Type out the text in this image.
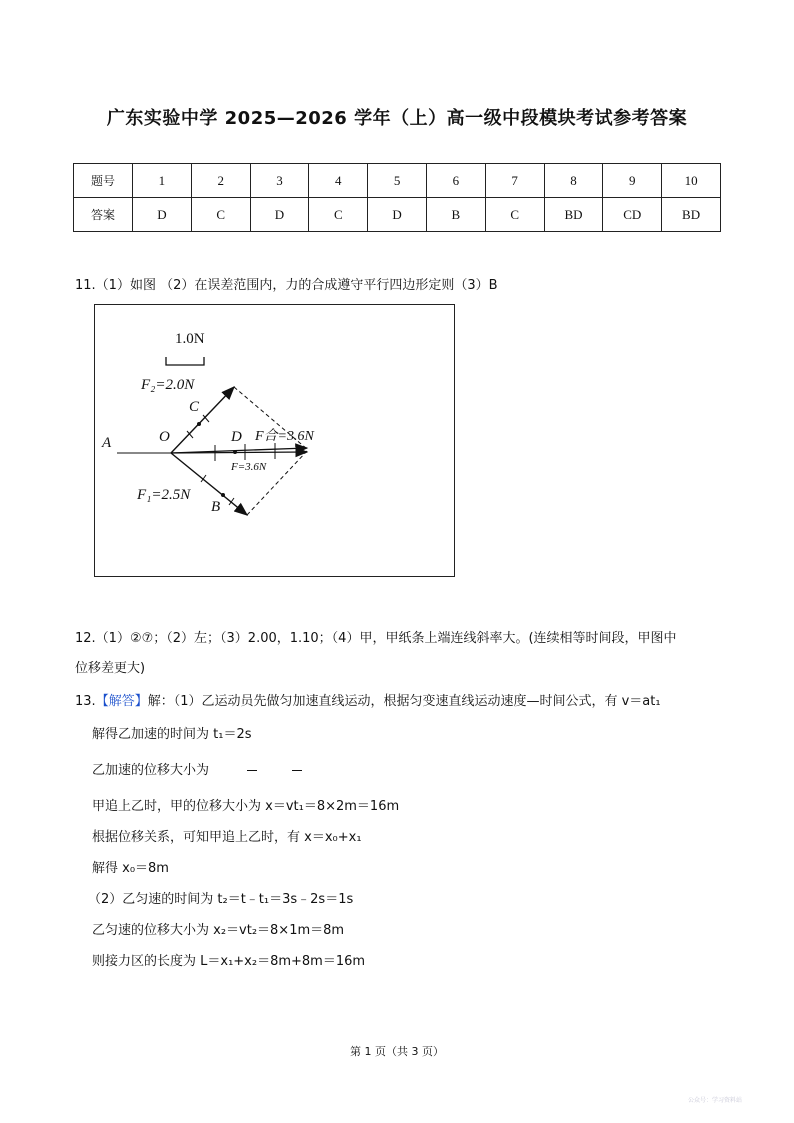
广东实验中学 2025—2026 学年（上）高一级中段模块考试参考答案
题号	1	2	3	4	5	6	7	8	9	10
答案	D	C	D	C	D	B	C	BD	CD	BD
11.（1）如图 （2）在误差范围内，力的合成遵守平行四边形定则（3）B
1.0N
F₂=2.0N
C
A	O	D F合=3.6N
F=3.6N
F₁=2.5N
B
12.（1）②⑦；（2）左；（3）2.00，1.10；（4）甲，甲纸条上端连线斜率大。(连续相等时间段，甲图中
位移差更大)
13.【解答】解：（1）乙运动员先做匀加速直线运动，根据匀变速直线运动速度—时间公式，有 v＝at₁
解得乙加速的时间为 t₁＝2s
乙加速的位移大小为
甲追上乙时，甲的位移大小为 x＝vt₁＝8×2m＝16m
根据位移关系，可知甲追上乙时，有 x＝x₀+x₁
解得 x₀＝8m
（2）乙匀速的时间为 t₂＝t﹣t₁＝3s﹣2s＝1s
乙匀速的位移大小为 x₂＝vt₂＝8×1m＝8m
则接力区的长度为 L＝x₁+x₂＝8m+8m＝16m
第 1 页（共 3 页）
公众号：学习资料站
